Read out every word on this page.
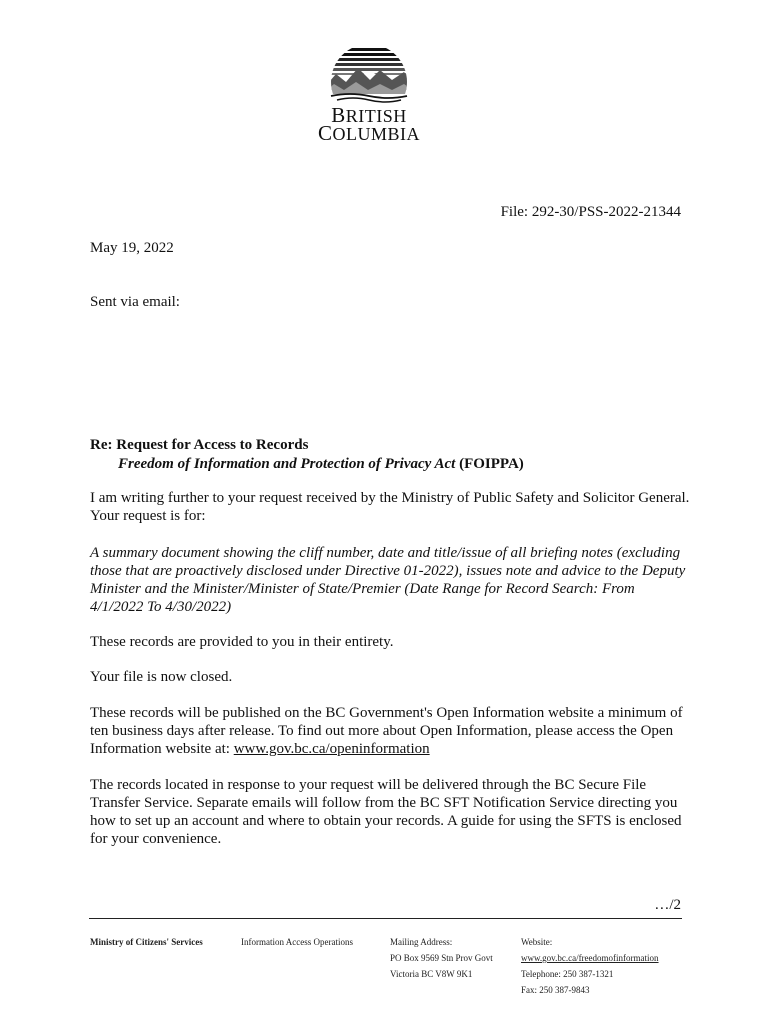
BRITISH
COLUMBIA
File: 292-30/PSS-2022-21344
May 19, 2022
Sent via email:
Re: Request for Access to Records
Freedom of Information and Protection of Privacy Act (FOIPPA)

I am writing further to your request received by the Ministry of Public Safety and Solicitor General. Your request is for:

A summary document showing the cliff number, date and title/issue of all briefing notes (excluding those that are proactively disclosed under Directive 01-2022), issues note and advice to the Deputy Minister and the Minister/Minister of State/Premier (Date Range for Record Search: From 4/1/2022 To 4/30/2022)

These records are provided to you in their entirety.

Your file is now closed.

These records will be published on the BC Government's Open Information website a minimum of ten business days after release. To find out more about Open Information, please access the Open Information website at: www.gov.bc.ca/openinformation

The records located in response to your request will be delivered through the BC Secure File Transfer Service. Separate emails will follow from the BC SFT Notification Service directing you how to set up an account and where to obtain your records. A guide for using the SFTS is enclosed for your convenience.

…/2
Ministry of Citizens' Services	Information Access Operations	Mailing Address:
PO Box 9569 Stn Prov Govt
Victoria BC V8W 9K1
Website:
www.gov.bc.ca/freedomofinformation
Telephone: 250 387-1321
Fax: 250 387-9843
